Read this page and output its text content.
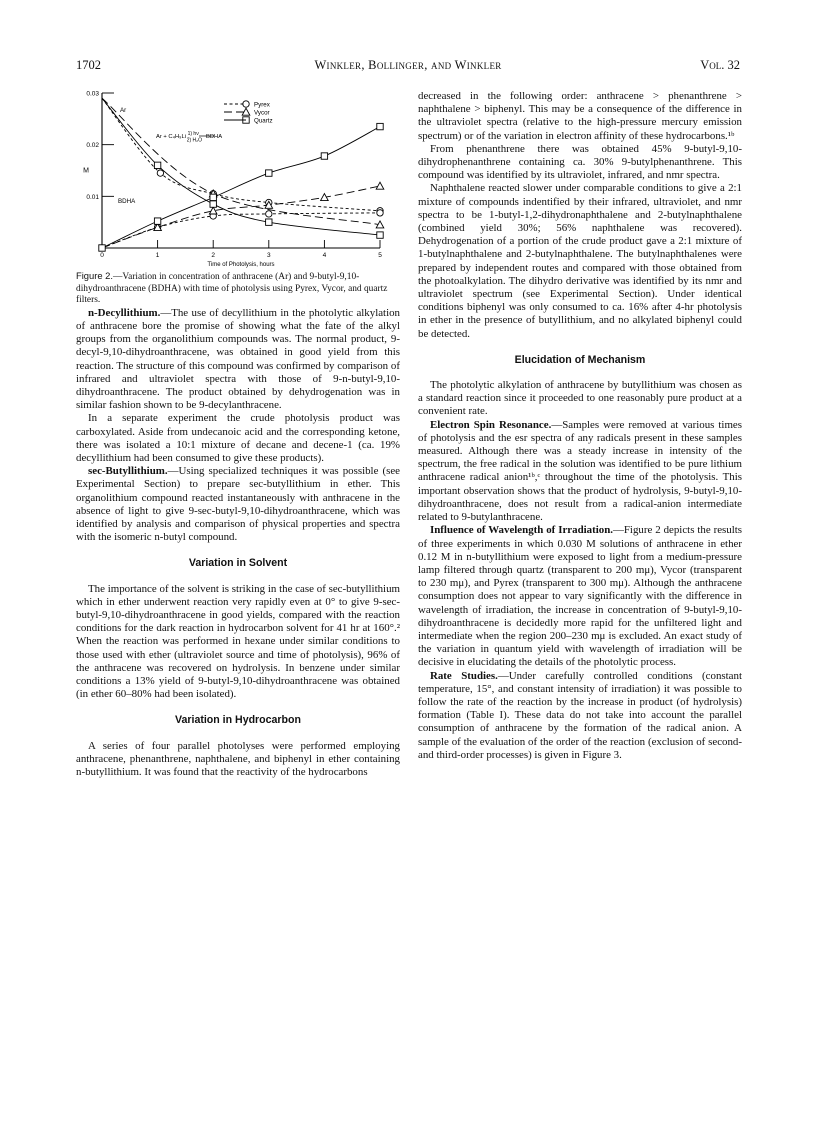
1702	Winkler, Bollinger, and Winkler	Vol. 32
0	1	2	3	4	5
Time of Photolysis, hours
0.03
0.02
0.01
M
Pyrex
Vycor
Quartz
Ar
BDHA
Ar + C₄H₉Li 1) hν 2) H₂OBDHA

Figure 2.—Variation in concentration of anthracene (Ar) and 9-butyl-9,10-dihydroanthracene (BDHA) with time of photolysis using Pyrex, Vycor, and quartz filters.

n-Decyllithium.—The use of decyllithium in the photolytic alkylation of anthracene bore the promise of showing what the fate of the alkyl groups from the organolithium compounds was. The normal product, 9-decyl-9,10-dihydroanthracene, was obtained in good yield from this reaction. The structure of this compound was confirmed by comparison of infrared and ultraviolet spectra with those of 9-n-butyl-9,10-dihydroanthracene. The product obtained by dehydrogenation was in similar fashion shown to be 9-decylanthracene.

In a separate experiment the crude photolysis product was carboxylated. Aside from undecanoic acid and the corresponding ketone, there was isolated a 10:1 mixture of decane and decene-1 (ca. 19% decyllithium had been consumed to give these products).

sec-Butyllithium.—Using specialized techniques it was possible (see Experimental Section) to prepare sec-butyllithium in ether. This organolithium compound reacted instantaneously with anthracene in the absence of light to give 9-sec-butyl-9,10-dihydroanthracene, which was identified by analysis and comparison of physical properties and spectra with the isomeric n-butyl compound.

Variation in Solvent

The importance of the solvent is striking in the case of sec-butyllithium which in ether underwent reaction very rapidly even at 0° to give 9-sec-butyl-9,10-dihydroanthracene in good yields, compared with the reaction conditions for the dark reaction in hydrocarbon solvent for 41 hr at 160°.² When the reaction was performed in hexane under similar conditions to those used with ether (ultraviolet source and time of photolysis), 96% of the anthracene was recovered on hydrolysis. In benzene under similar conditions a 13% yield of 9-butyl-9,10-dihydroanthracene was obtained (in ether 60–80% had been isolated).

Variation in Hydrocarbon

A series of four parallel photolyses were performed employing anthracene, phenanthrene, naphthalene, and biphenyl in ether containing n-butyllithium. It was found that the reactivity of the hydrocarbons

decreased in the following order: anthracene > phenanthrene > naphthalene > biphenyl. This may be a consequence of the difference in the ultraviolet spectra (relative to the high-pressure mercury emission spectrum) or of the variation in electron affinity of these hydrocarbons.¹ᵇ

From phenanthrene there was obtained 45% 9-butyl-9,10-dihydrophenanthrene containing ca. 30% 9-butylphenanthrene. This compound was identified by its ultraviolet, infrared, and nmr spectra.

Naphthalene reacted slower under comparable conditions to give a 2:1 mixture of compounds indentified by their infrared, ultraviolet, and nmr spectra to be 1-butyl-1,2-dihydronaphthalene and 2-butylnaphthalene (combined yield 30%; 56% naphthalene was recovered). Dehydrogenation of a portion of the crude product gave a 2:1 mixture of 1-butylnaphthalene and 2-butylnaphthalene. The butylnaphthalenes were prepared by independent routes and compared with those obtained from the photoalkylation. The dihydro derivative was identified by its nmr and ultraviolet spectrum (see Experimental Section). Under identical conditions biphenyl was only consumed to ca. 16% after 4-hr photolysis in ether in the presence of butyllithium, and no alkylated biphenyl could be detected.

Elucidation of Mechanism

The photolytic alkylation of anthracene by butyllithium was chosen as a standard reaction since it proceeded to one reasonably pure product at a convenient rate.

Electron Spin Resonance.—Samples were removed at various times of photolysis and the esr spectra of any radicals present in these samples measured. Although there was a steady increase in intensity of the spectrum, the free radical in the solution was identified to be pure lithium anthracene radical anion¹ᵇ,ᶜ throughout the time of the photolysis. This important observation shows that the product of hydrolysis, 9-butyl-9,10-dihydroanthracene, does not result from a radical-anion intermediate related to 9-butylanthracene.

Influence of Wavelength of Irradiation.—Figure 2 depicts the results of three experiments in which 0.030 M solutions of anthracene in ether 0.12 M in n-butyllithium were exposed to light from a medium-pressure lamp filtered through quartz (transparent to 200 mμ), Vycor (transparent to 230 mμ), and Pyrex (transparent to 300 mμ). Although the anthracene consumption does not appear to vary significantly with the difference in wavelength of irradiation, the increase in concentration of 9-butyl-9,10-dihydroanthracene is decidedly more rapid for the unfiltered light and intermediate when the region 200–230 mμ is excluded. An exact study of the variation in quantum yield with wavelength of irradiation will be decisive in elucidating the details of the photolytic process.

Rate Studies.—Under carefully controlled conditions (constant temperature, 15°, and constant intensity of irradiation) it was possible to follow the rate of the reaction by the increase in product (of hydrolysis) formation (Table I). These data do not take into account the parallel consumption of anthracene by the formation of the radical anion. A sample of the evaluation of the order of the reaction (exclusion of second- and third-order processes) is given in Figure 3.
